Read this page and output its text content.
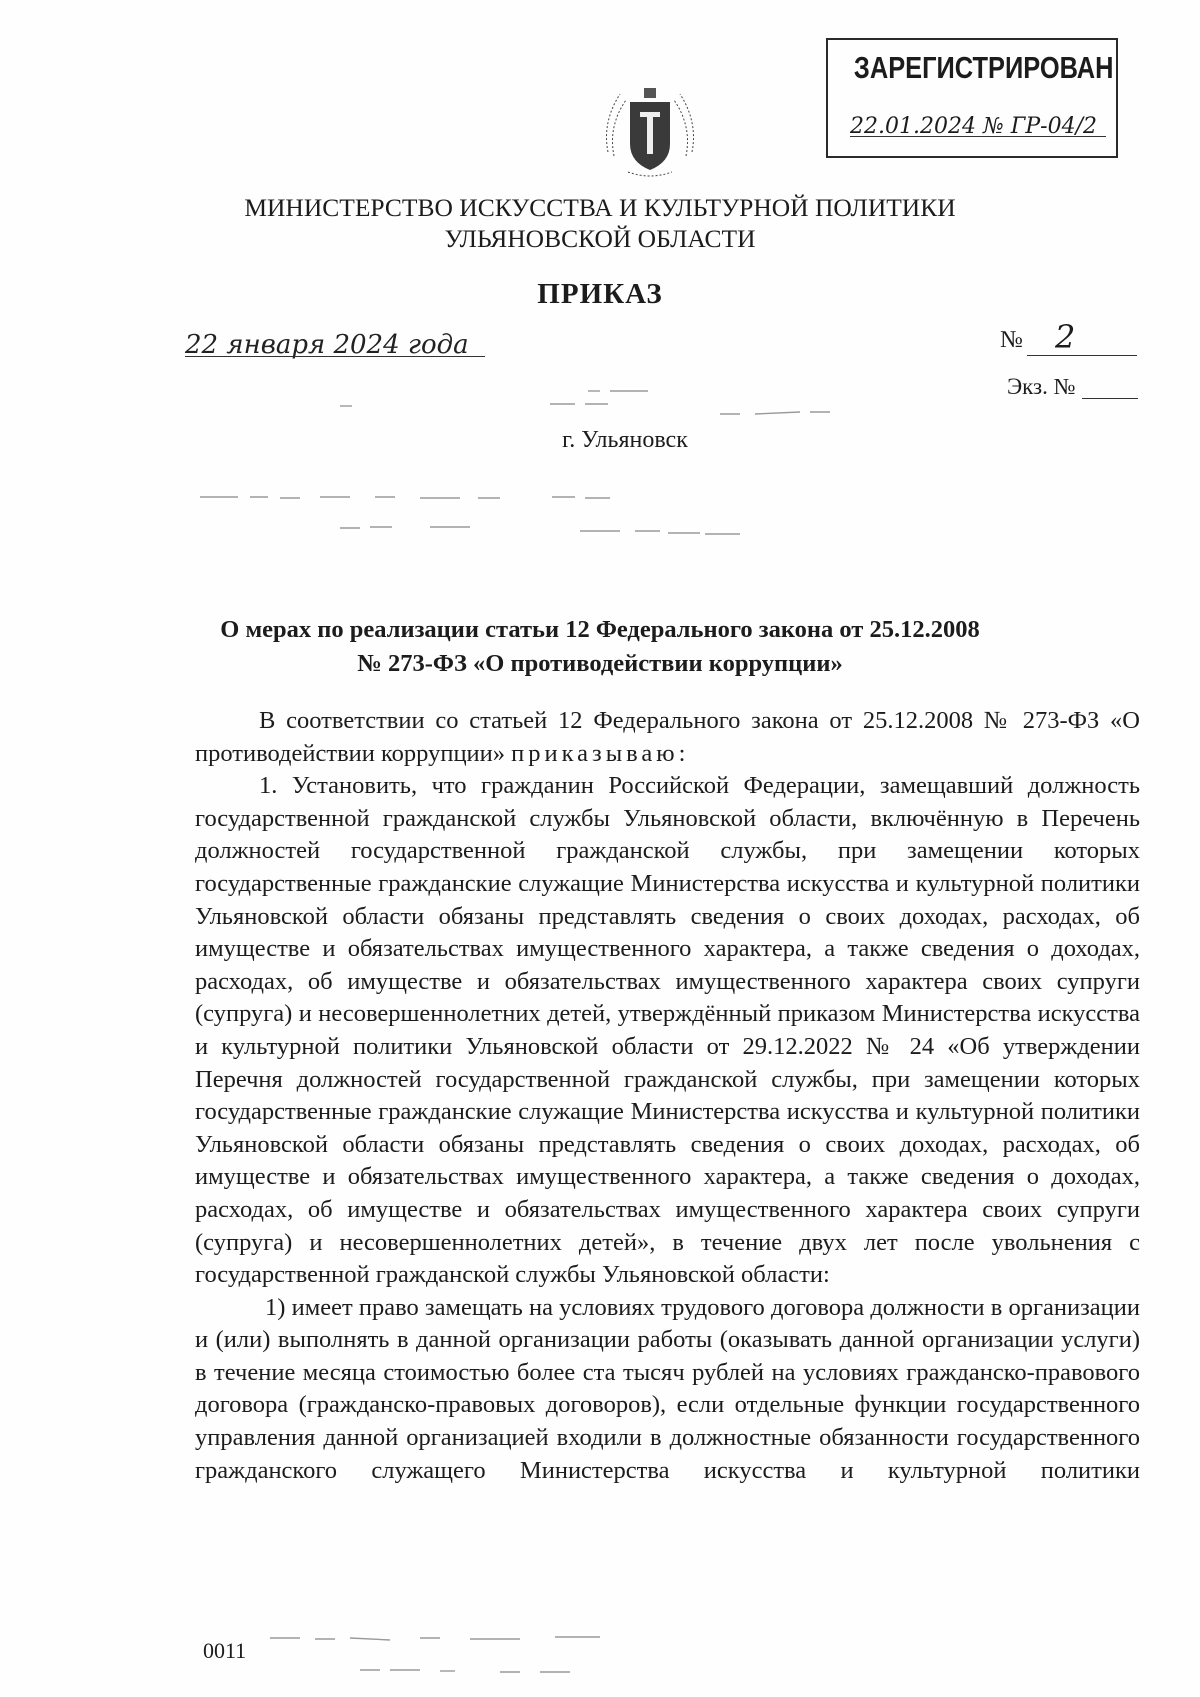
ЗАРЕГИСТРИРОВАН
22.01.2024 № ГР-04/2
МИНИСТЕРСТВО ИСКУССТВА И КУЛЬТУРНОЙ ПОЛИТИКИ
УЛЬЯНОВСКОЙ ОБЛАСТИ
ПРИКАЗ
22 января 2024 года	№ 2
Экз. №
г. Ульяновск
О мерах по реализации статьи 12 Федерального закона от 25.12.2008
№ 273-ФЗ «О противодействии коррупции»

В соответствии со статьей 12 Федерального закона от 25.12.2008 № 273-ФЗ «О противодействии коррупции» приказываю:

1. Установить, что гражданин Российской Федерации, замещавший должность государственной гражданской службы Ульяновской области, включённую в Перечень должностей государственной гражданской службы, при замещении которых государственные гражданские служащие Министерства искусства и культурной политики Ульяновской области обязаны представлять сведения о своих доходах, расходах, об имуществе и обязательствах имущественного характера, а также сведения о доходах, расходах, об имуществе и обязательствах имущественного характера своих супруги (супруга) и несовершеннолетних детей, утверждённый приказом Министерства искусства и культурной политики Ульяновской области от 29.12.2022 № 24 «Об утверждении Перечня должностей государственной гражданской службы, при замещении которых государственные гражданские служащие Министерства искусства и культурной политики Ульяновской области обязаны представлять сведения о своих доходах, расходах, об имуществе и обязательствах имущественного характера, а также сведения о доходах, расходах, об имуществе и обязательствах имущественного характера своих супруги (супруга) и несовершеннолетних детей», в течение двух лет после увольнения с государственной гражданской службы Ульяновской области:

1) имеет право замещать на условиях трудового договора должности в организации и (или) выполнять в данной организации работы (оказывать данной организации услуги) в течение месяца стоимостью более ста тысяч рублей на условиях гражданско-правового договора (гражданско-правовых договоров), если отдельные функции государственного управления данной организацией входили в должностные обязанности государственного гражданского служащего Министерства искусства и культурной политики

0011
